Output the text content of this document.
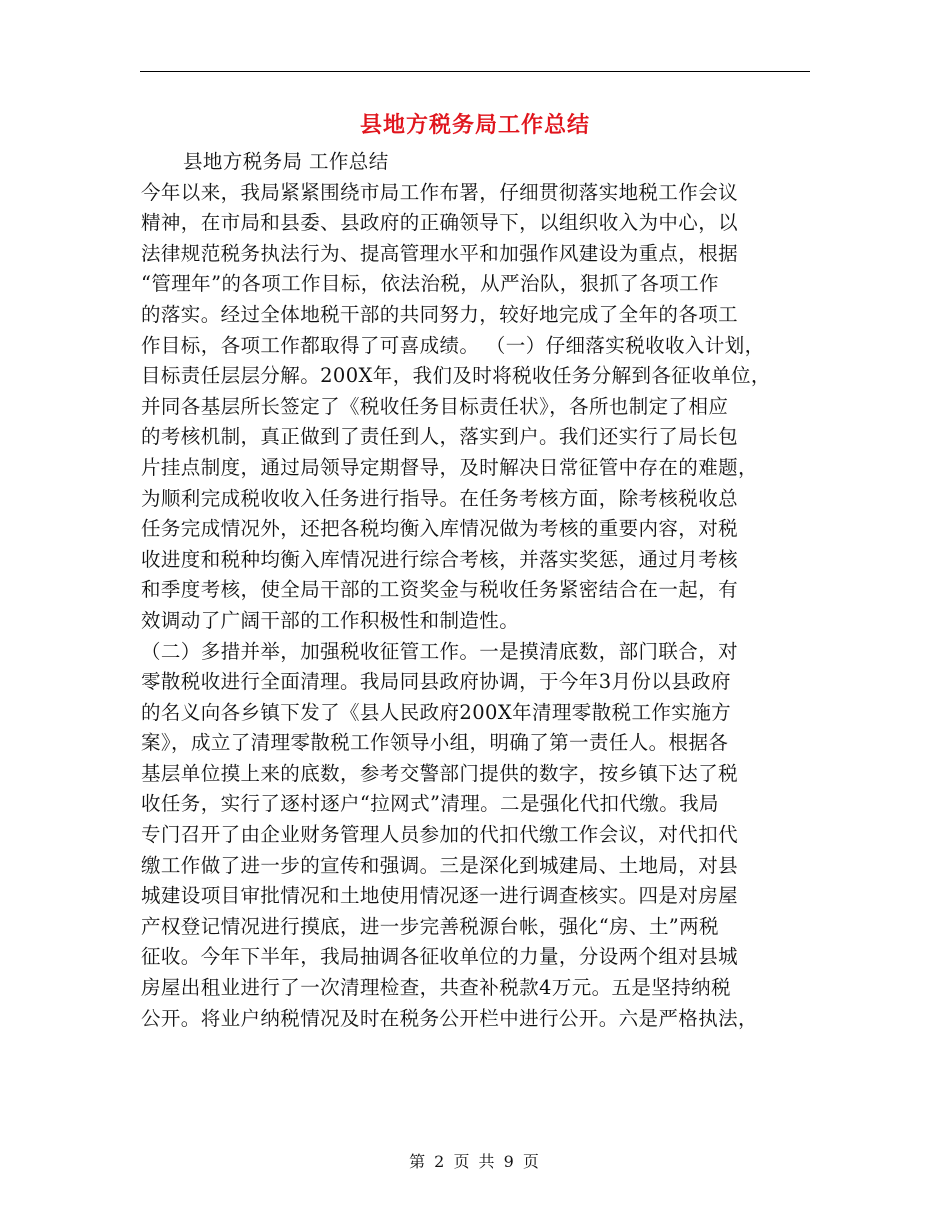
县地方税务局工作总结
县地方税务局 工作总结
今年以来，我局紧紧围绕市局工作布署，仔细贯彻落实地税工作会议
精神，在市局和县委、县政府的正确领导下，以组织收入为中心，以
法律规范税务执法行为、提高管理水平和加强作风建设为重点，根据
“管理年”的各项工作目标，依法治税，从严治队，狠抓了各项工作
的落实。经过全体地税干部的共同努力，较好地完成了全年的各项工
作目标，各项工作都取得了可喜成绩。 （一）仔细落实税收收入计划，
目标责任层层分解。200X年，我们及时将税收任务分解到各征收单位，
并同各基层所长签定了《税收任务目标责任状》，各所也制定了相应
的考核机制，真正做到了责任到人，落实到户。我们还实行了局长包
片挂点制度，通过局领导定期督导，及时解决日常征管中存在的难题，
为顺利完成税收收入任务进行指导。在任务考核方面，除考核税收总
任务完成情况外，还把各税均衡入库情况做为考核的重要内容，对税
收进度和税种均衡入库情况进行综合考核，并落实奖惩，通过月考核
和季度考核，使全局干部的工资奖金与税收任务紧密结合在一起，有
效调动了广阔干部的工作积极性和制造性。
（二）多措并举，加强税收征管工作。一是摸清底数，部门联合，对
零散税收进行全面清理。我局同县政府协调，于今年3月份以县政府
的名义向各乡镇下发了《县人民政府200X年清理零散税工作实施方
案》，成立了清理零散税工作领导小组，明确了第一责任人。根据各
基层单位摸上来的底数，参考交警部门提供的数字，按乡镇下达了税
收任务，实行了逐村逐户“拉网式”清理。二是强化代扣代缴。我局
专门召开了由企业财务管理人员参加的代扣代缴工作会议，对代扣代
缴工作做了进一步的宣传和强调。三是深化到城建局、土地局，对县
城建设项目审批情况和土地使用情况逐一进行调查核实。四是对房屋
产权登记情况进行摸底，进一步完善税源台帐，强化“房、土”两税
征收。今年下半年，我局抽调各征收单位的力量，分设两个组对县城
房屋出租业进行了一次清理检查，共查补税款4万元。五是坚持纳税
公开。将业户纳税情况及时在税务公开栏中进行公开。六是严格执法，
第 2 页 共 9 页
